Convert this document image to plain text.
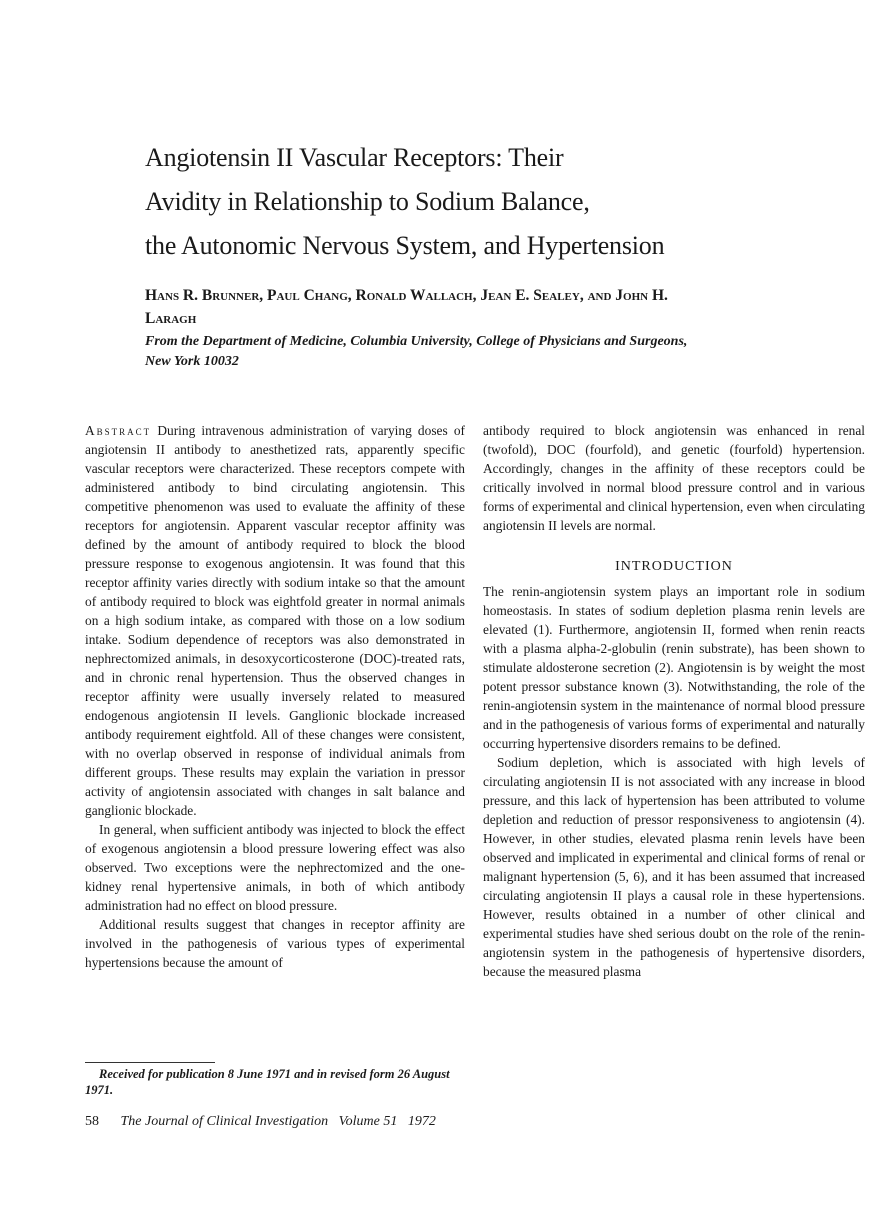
Angiotensin II Vascular Receptors: Their
Avidity in Relationship to Sodium Balance,
the Autonomic Nervous System, and Hypertension
Hans R. Brunner, Paul Chang, Ronald Wallach, Jean E. Sealey, and John H. Laragh
From the Department of Medicine, Columbia University, College of Physicians and Surgeons, New York 10032

Abstract During intravenous administration of varying doses of angiotensin II antibody to anesthetized rats, apparently specific vascular receptors were characterized. These receptors compete with administered antibody to bind circulating angiotensin. This competitive phenomenon was used to evaluate the affinity of these receptors for angiotensin. Apparent vascular receptor affinity was defined by the amount of antibody required to block the blood pressure response to exogenous angiotensin. It was found that this receptor affinity varies directly with sodium intake so that the amount of antibody required to block was eightfold greater in normal animals on a high sodium intake, as compared with those on a low sodium intake. Sodium dependence of receptors was also demonstrated in nephrectomized animals, in desoxycorticosterone (DOC)-treated rats, and in chronic renal hypertension. Thus the observed changes in receptor affinity were usually inversely related to measured endogenous angiotensin II levels. Ganglionic blockade increased antibody requirement eightfold. All of these changes were consistent, with no overlap observed in response of individual animals from different groups. These results may explain the variation in pressor activity of angiotensin associated with changes in salt balance and ganglionic blockade.

In general, when sufficient antibody was injected to block the effect of exogenous angiotensin a blood pressure lowering effect was also observed. Two exceptions were the nephrectomized and the one-kidney renal hypertensive animals, in both of which antibody administration had no effect on blood pressure.

Additional results suggest that changes in receptor affinity are involved in the pathogenesis of various types of experimental hypertensions because the amount of

antibody required to block angiotensin was enhanced in renal (twofold), DOC (fourfold), and genetic (fourfold) hypertension. Accordingly, changes in the affinity of these receptors could be critically involved in normal blood pressure control and in various forms of experimental and clinical hypertension, even when circulating angiotensin II levels are normal.

INTRODUCTION

The renin-angiotensin system plays an important role in sodium homeostasis. In states of sodium depletion plasma renin levels are elevated (1). Furthermore, angiotensin II, formed when renin reacts with a plasma alpha-2-globulin (renin substrate), has been shown to stimulate aldosterone secretion (2). Angiotensin is by weight the most potent pressor substance known (3). Notwithstanding, the role of the renin-angiotensin system in the maintenance of normal blood pressure and in the pathogenesis of various forms of experimental and naturally occurring hypertensive disorders remains to be defined.

Sodium depletion, which is associated with high levels of circulating angiotensin II is not associated with any increase in blood pressure, and this lack of hypertension has been attributed to volume depletion and reduction of pressor responsiveness to angiotensin (4). However, in other studies, elevated plasma renin levels have been observed and implicated in experimental and clinical forms of renal or malignant hypertension (5, 6), and it has been assumed that increased circulating angiotensin II plays a causal role in these hypertensions. However, results obtained in a number of other clinical and experimental studies have shed serious doubt on the role of the renin-angiotensin system in the pathogenesis of hypertensive disorders, because the measured plasma

Received for publication 8 June 1971 and in revised form 26 August 1971.
58 The Journal of Clinical Investigation Volume 51 1972
